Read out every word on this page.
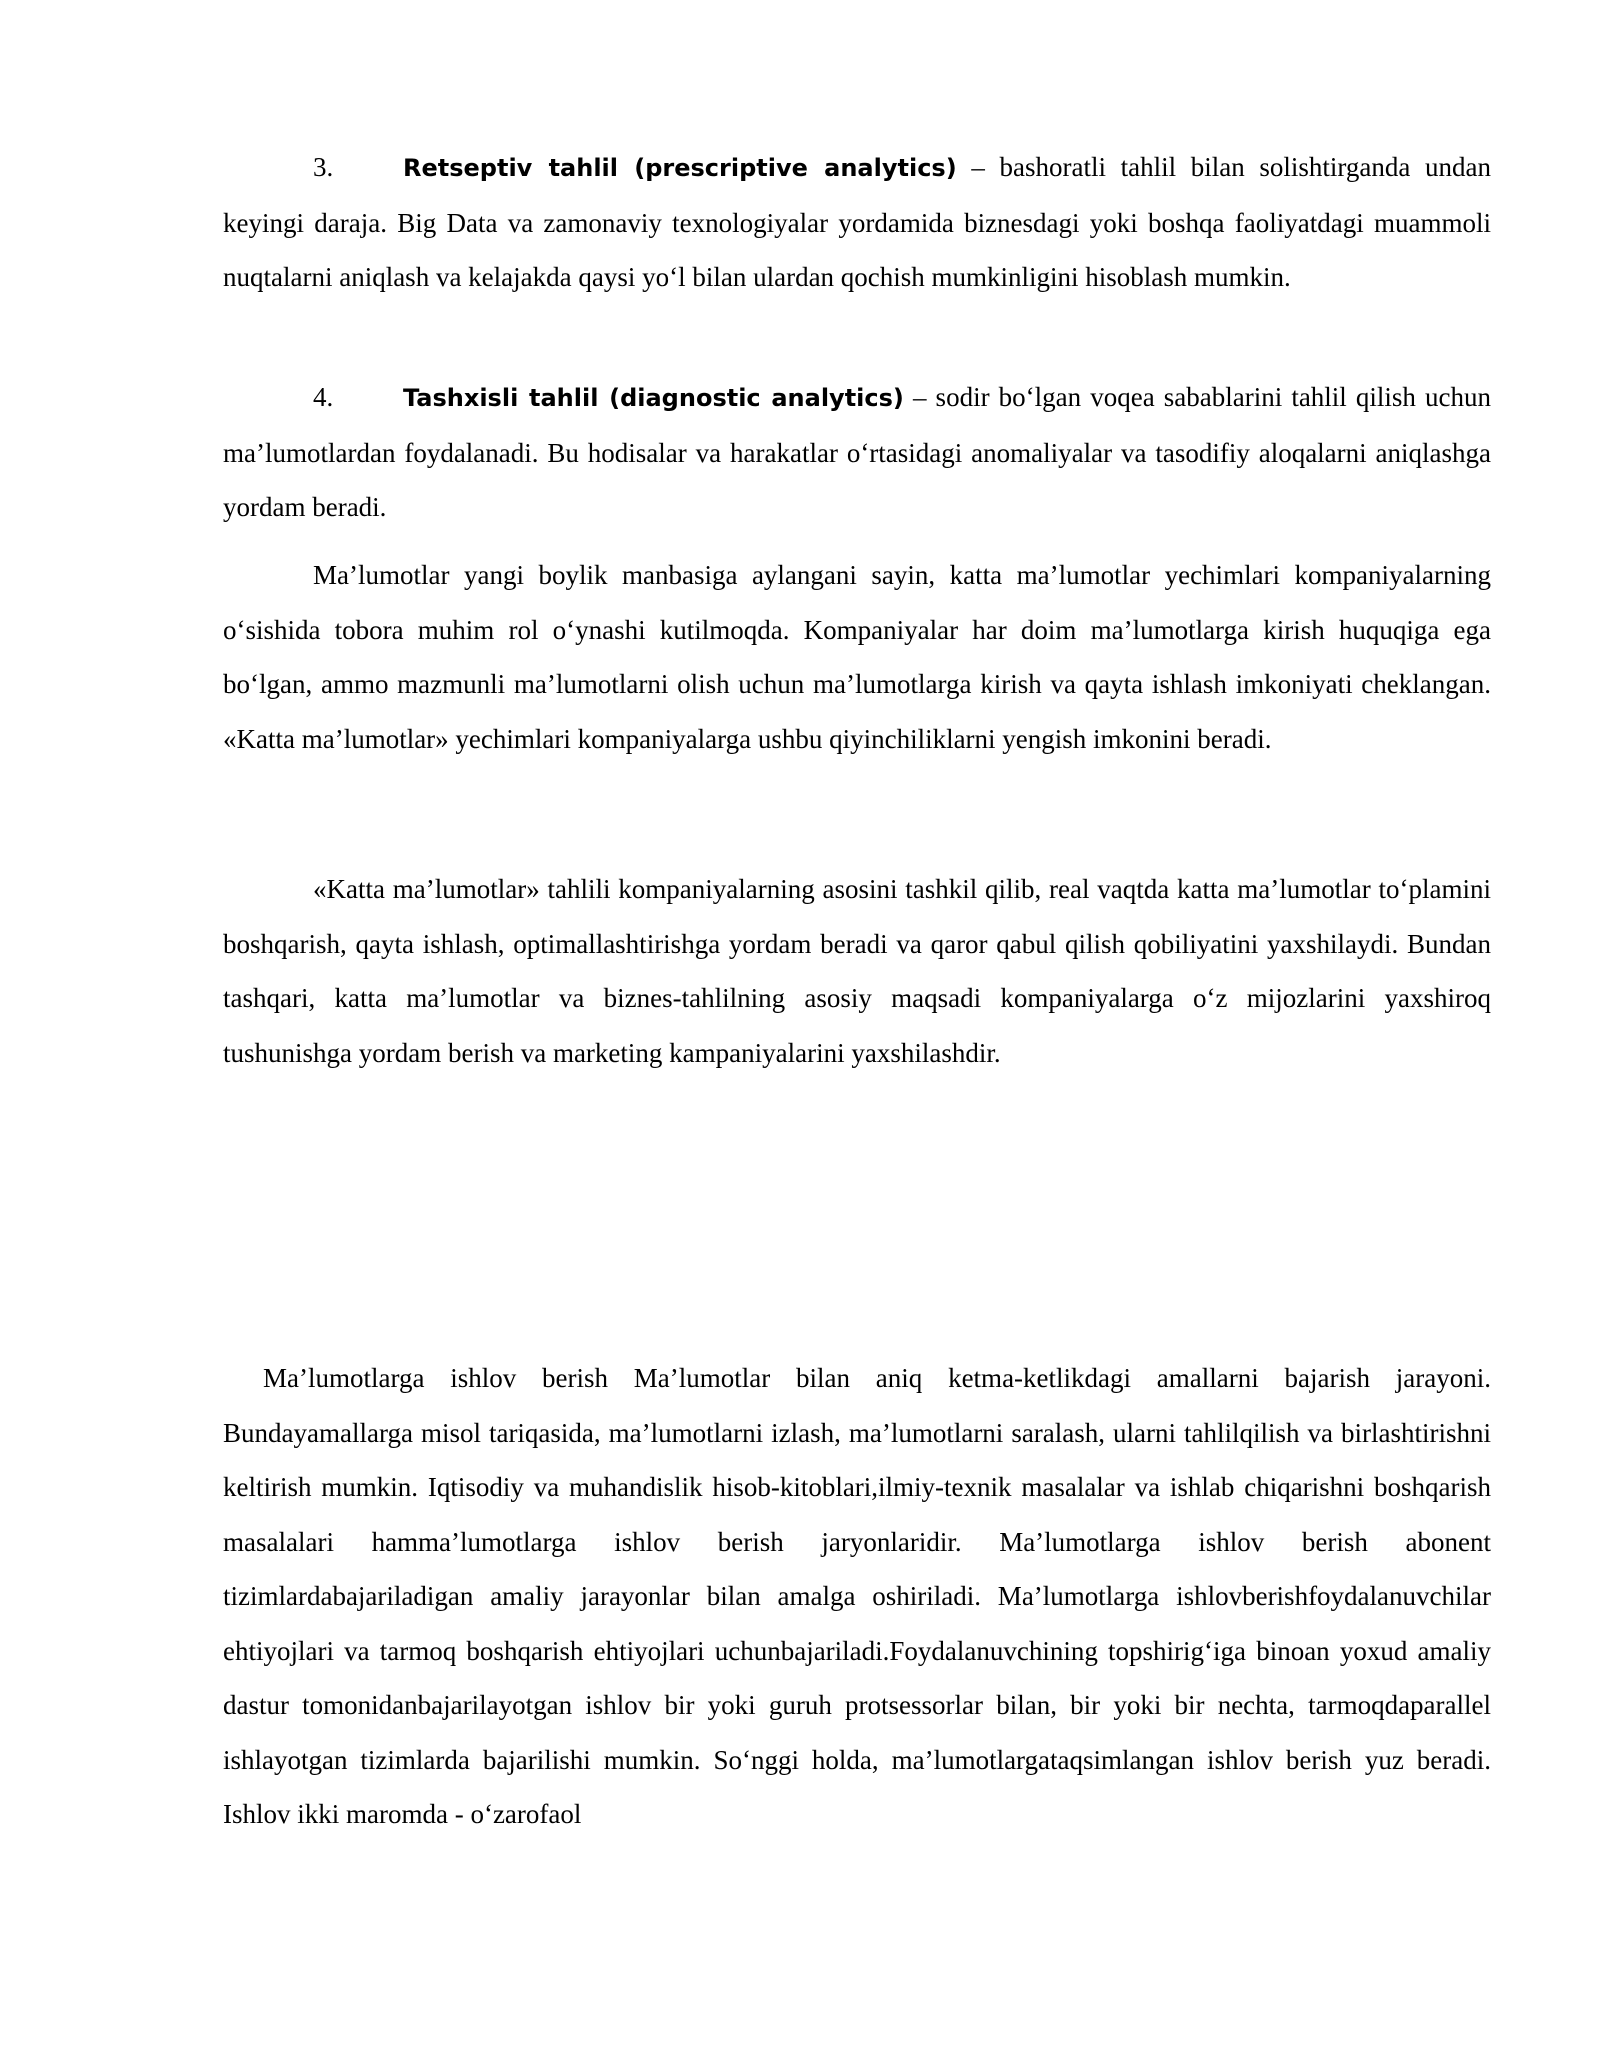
3.	Retseptiv tahlil (prescriptive analytics) – bashoratli tahlil bilan solishtirganda undan keyingi daraja. Big Data va zamonaviy texnologiyalar yordamida biznesdagi yoki boshqa faoliyatdagi muammoli nuqtalarni aniqlash va kelajakda qaysi yo‘l bilan ulardan qochish mumkinligini hisoblash mumkin.

4.	Tashxisli tahlil (diagnostic analytics) – sodir bo‘lgan voqea sabablarini tahlil qilish uchun ma’lumotlardan foydalanadi. Bu hodisalar va harakatlar o‘rtasidagi anomaliyalar va tasodifiy aloqalarni aniqlashga yordam beradi.

Ma’lumotlar yangi boylik manbasiga aylangani sayin, katta ma’lumotlar yechimlari kompaniyalarning o‘sishida tobora muhim rol o‘ynashi kutilmoqda. Kompaniyalar har doim ma’lumotlarga kirish huquqiga ega bo‘lgan, ammo mazmunli ma’lumotlarni olish uchun ma’lumotlarga kirish va qayta ishlash imkoniyati cheklangan. «Katta ma’lumotlar» yechimlari kompaniyalarga ushbu qiyinchiliklarni yengish imkonini beradi.

«Katta ma’lumotlar» tahlili kompaniyalarning asosini tashkil qilib, real vaqtda katta ma’lumotlar to‘plamini boshqarish, qayta ishlash, optimallashtirishga yordam beradi va qaror qabul qilish qobiliyatini yaxshilaydi. Bundan tashqari, katta ma’lumotlar va biznes-tahlilning asosiy maqsadi kompaniyalarga o‘z mijozlarini yaxshiroq tushunishga yordam berish va marketing kampaniyalarini yaxshilashdir.

Ma’lumotlarga ishlov berish Ma’lumotlar bilan aniq ketma-ketlikdagi amallarni bajarish jarayoni. Bundayamallarga misol tariqasida, ma’lumotlarni izlash, ma’lumotlarni saralash, ularni tahlilqilish va birlashtirishni keltirish mumkin. Iqtisodiy va muhandislik hisob-kitoblari,ilmiy-texnik masalalar va ishlab chiqarishni boshqarish masalalari hamma’lumotlarga ishlov berish jaryonlaridir. Ma’lumotlarga ishlov berish abonent tizimlardabajariladigan amaliy jarayonlar bilan amalga oshiriladi. Ma’lumotlarga ishlovberishfoydalanuvchilar ehtiyojlari va tarmoq boshqarish ehtiyojlari uchunbajariladi.Foydalanuvchining topshirig‘iga binoan yoxud amaliy dastur tomonidanbajarilayotgan ishlov bir yoki guruh protsessorlar bilan, bir yoki bir nechta, tarmoqdaparallel ishlayotgan tizimlarda bajarilishi mumkin. So‘nggi holda, ma’lumotlargataqsimlangan ishlov berish yuz beradi. Ishlov ikki maromda - o‘zarofaol
